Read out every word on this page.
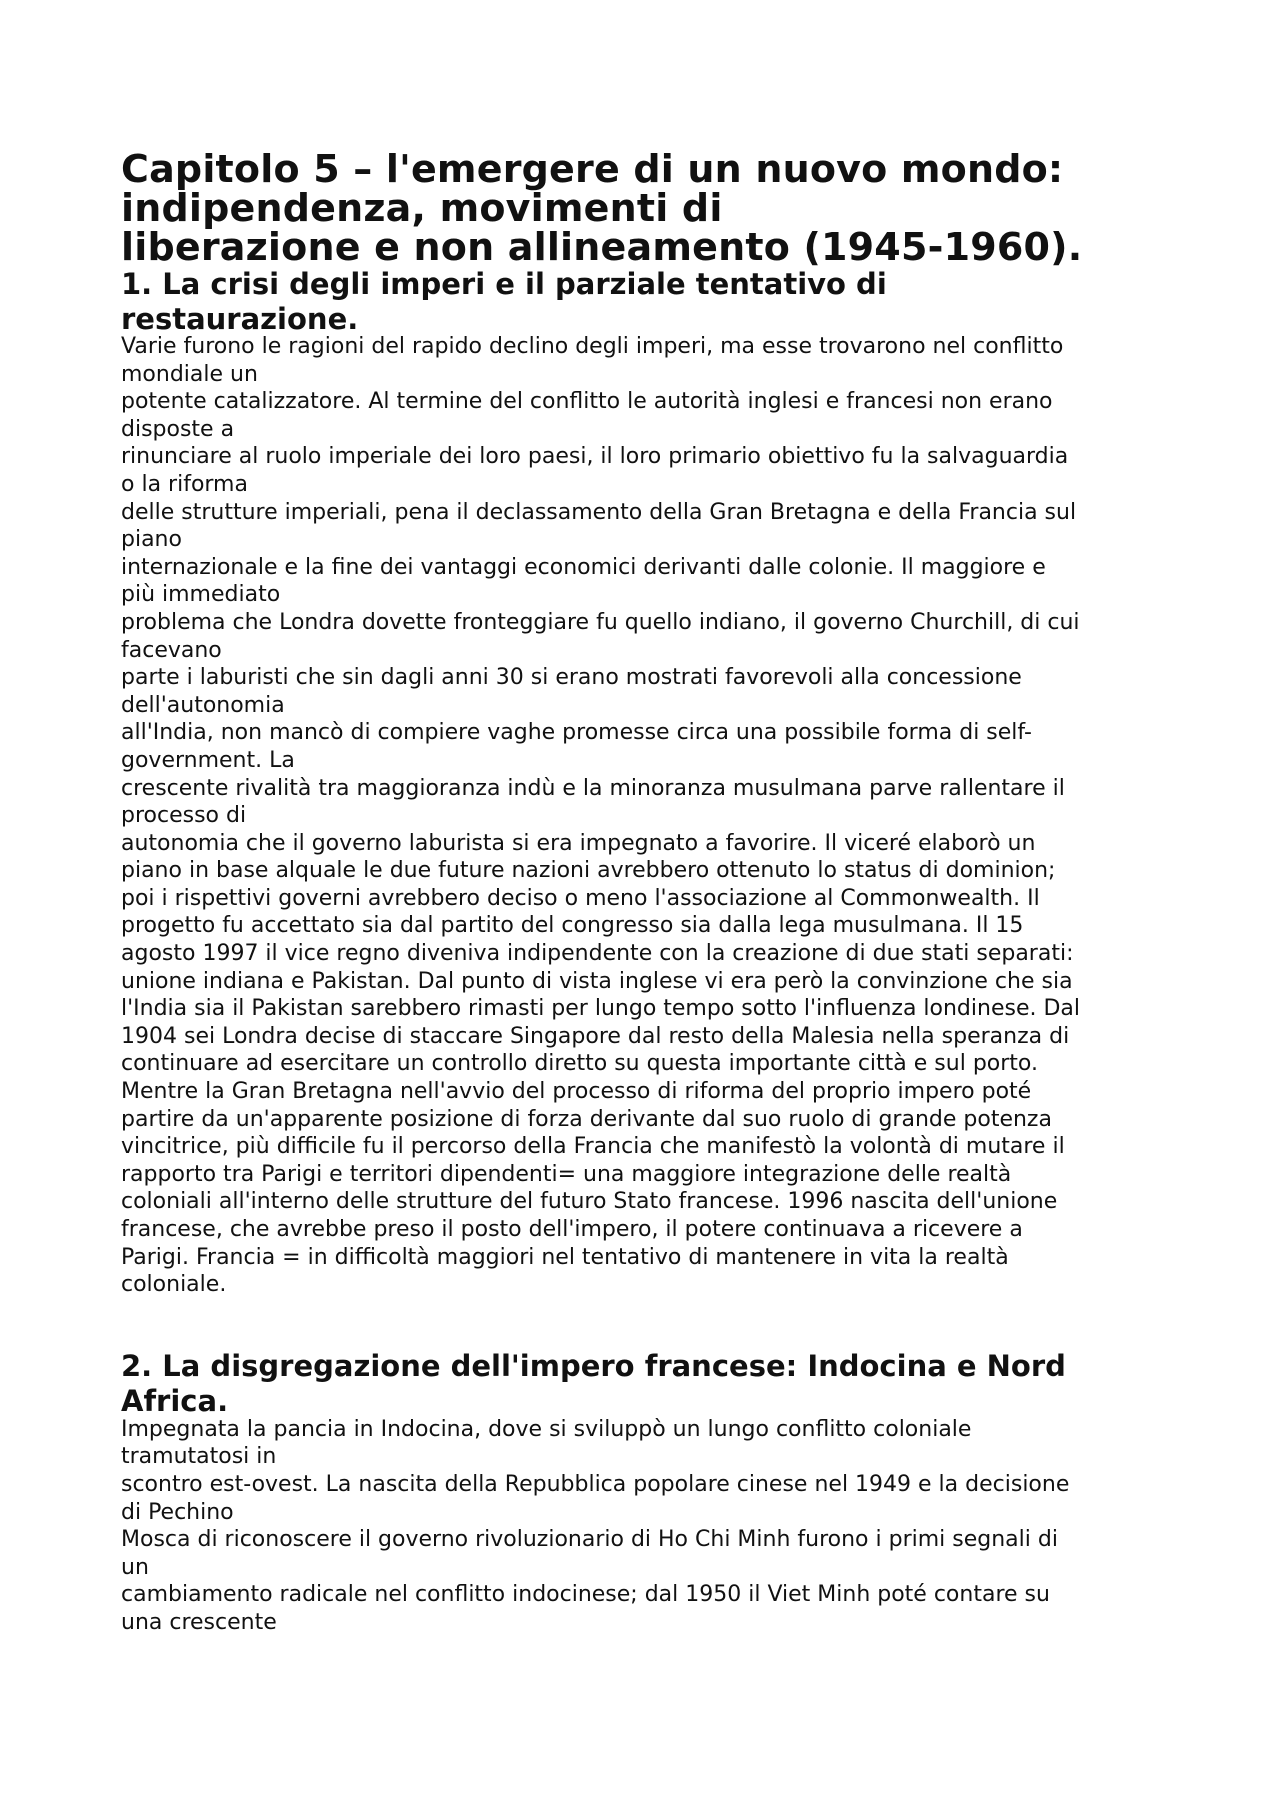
Capitolo 5 – l'emergere di un nuovo mondo:
indipendenza, movimenti di
liberazione e non allineamento (1945-1960).
1. La crisi degli imperi e il parziale tentativo di
restaurazione.

Varie furono le ragioni del rapido declino degli imperi, ma esse trovarono nel conflitto
mondiale un
potente catalizzatore. Al termine del conflitto le autorità inglesi e francesi non erano
disposte a
rinunciare al ruolo imperiale dei loro paesi, il loro primario obiettivo fu la salvaguardia
o la riforma
delle strutture imperiali, pena il declassamento della Gran Bretagna e della Francia sul
piano
internazionale e la fine dei vantaggi economici derivanti dalle colonie. Il maggiore e
più immediato
problema che Londra dovette fronteggiare fu quello indiano, il governo Churchill, di cui
facevano
parte i laburisti che sin dagli anni 30 si erano mostrati favorevoli alla concessione
dell'autonomia
all'India, non mancò di compiere vaghe promesse circa una possibile forma di self-
government. La
crescente rivalità tra maggioranza indù e la minoranza musulmana parve rallentare il
processo di
autonomia che il governo laburista si era impegnato a favorire. Il viceré elaborò un
piano in base alquale le due future nazioni avrebbero ottenuto lo status di dominion;
poi i rispettivi governi avrebbero deciso o meno l'associazione al Commonwealth. Il
progetto fu accettato sia dal partito del congresso sia dalla lega musulmana. Il 15
agosto 1997 il vice regno diveniva indipendente con la creazione di due stati separati:
unione indiana e Pakistan. Dal punto di vista inglese vi era però la convinzione che sia
l'India sia il Pakistan sarebbero rimasti per lungo tempo sotto l'influenza londinese. Dal
1904 sei Londra decise di staccare Singapore dal resto della Malesia nella speranza di
continuare ad esercitare un controllo diretto su questa importante città e sul porto.
Mentre la Gran Bretagna nell'avvio del processo di riforma del proprio impero poté
partire da un'apparente posizione di forza derivante dal suo ruolo di grande potenza
vincitrice, più difficile fu il percorso della Francia che manifestò la volontà di mutare il
rapporto tra Parigi e territori dipendenti= una maggiore integrazione delle realtà
coloniali all'interno delle strutture del futuro Stato francese. 1996 nascita dell'unione
francese, che avrebbe preso il posto dell'impero, il potere continuava a ricevere a
Parigi. Francia = in difficoltà maggiori nel tentativo di mantenere in vita la realtà
coloniale.

2. La disgregazione dell'impero francese: Indocina e Nord
Africa.

Impegnata la pancia in Indocina, dove si sviluppò un lungo conflitto coloniale
tramutatosi in
scontro est-ovest. La nascita della Repubblica popolare cinese nel 1949 e la decisione
di Pechino
Mosca di riconoscere il governo rivoluzionario di Ho Chi Minh furono i primi segnali di
un
cambiamento radicale nel conflitto indocinese; dal 1950 il Viet Minh poté contare su
una crescente
